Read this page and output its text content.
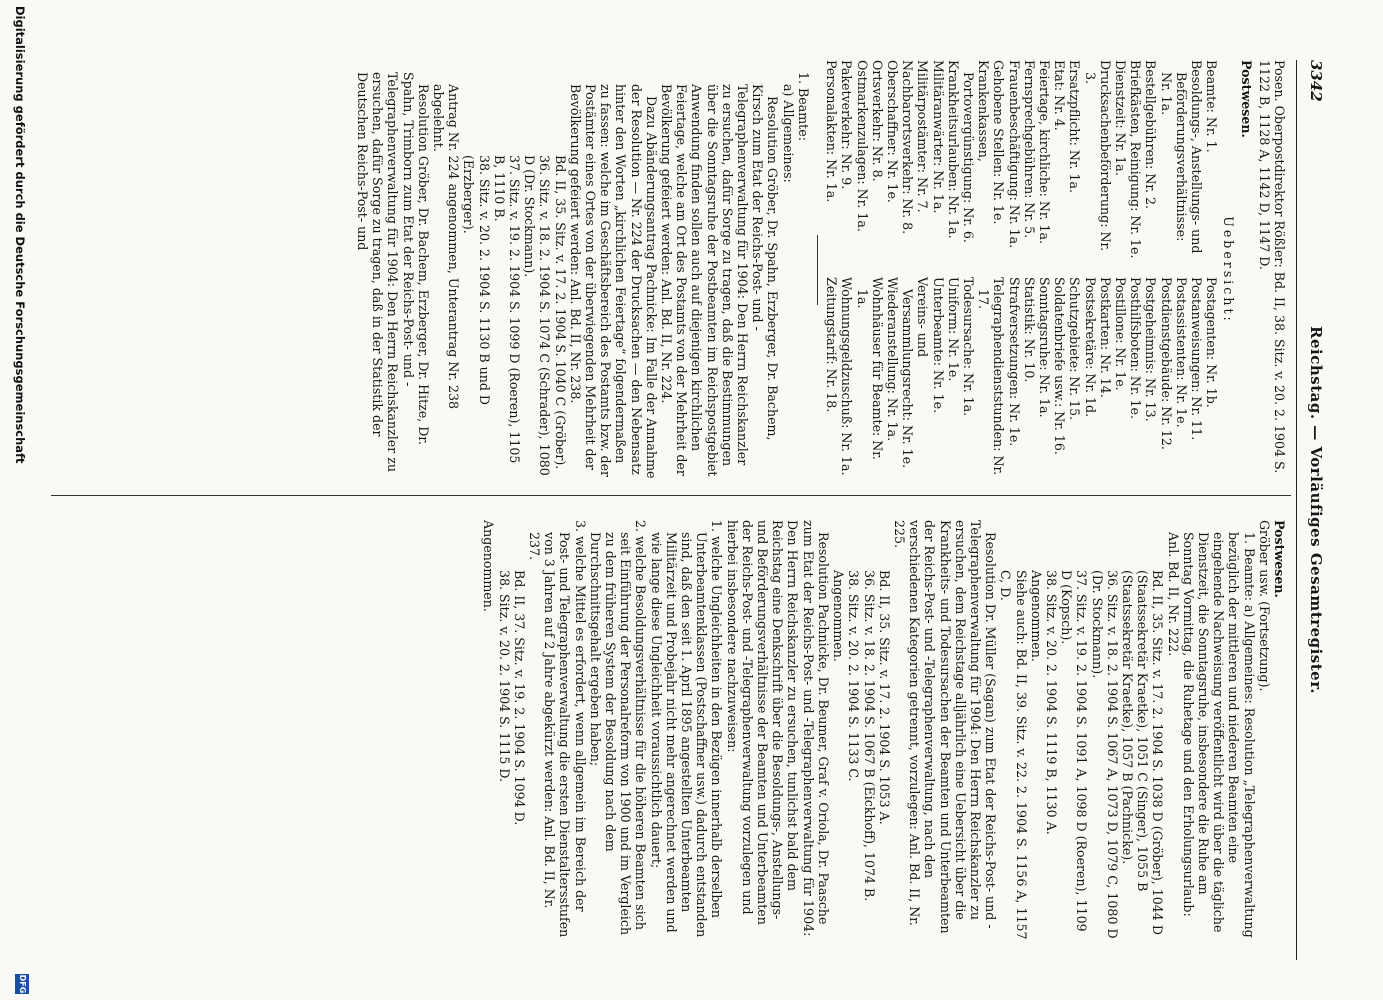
3342
Reichstag. — Vorläufiges Gesamtregister.

Posen. Oberpostdirektor Rößler: Bd. II, 38. Sitz. v. 20. 2. 1904 S. 1122 B, 1128 A, 1142 D, 1147 D.

Postwesen.

Uebersicht:

Beamte: Nr. 1.

Besoldungs-, Anstellungs- und Beförderungsverhältnisse: Nr. 1a.

Bestellgebühren: Nr. 2.

Briefkästen, Reinigung: Nr. 1e.

Dienstzeit: Nr. 1a.

Drucksachenbeförderung: Nr. 3.

Ersatzpflicht: Nr. 1a.

Etat: Nr. 4.

Feiertage, kirchliche: Nr. 1a.

Fernsprechgebühren: Nr. 5.

Frauenbeschäftigung: Nr. 1a.

Gehobene Stellen: Nr. 1e.

Krankenkassen, Portovergünstigung: Nr. 6.

Krankheitsurlauben: Nr. 1a.

Militäranwärter: Nr. 1a.

Militärpostämter: Nr. 7.

Nachbarortsverkehr: Nr. 8.

Oberschaffner: Nr. 1e.

Ortsverkehr: Nr. 8.

Ostmarkenzulagen: Nr. 1a.

Paketverkehr: Nr. 9.

Personalakten: Nr. 1a.

Postagenten: Nr. 1b.

Postanweisungen: Nr. 11.

Postassistenten: Nr. 1e.

Postdienstgebäude: Nr. 12.

Postgeheimnis: Nr. 13.

Posthilfsboten: Nr. 1e.

Postillone: Nr. 1e.

Postkarten: Nr. 14.

Postsekretäre: Nr. 1d.

Schutzgebiete: Nr. 15.

Soldatenbriefe usw.: Nr. 16.

Sonntagsruhe: Nr. 1a.

Statistik: Nr. 10.

Strafversetzungen: Nr. 1e.

Telegraphendienststunden: Nr. 17.

Todesursache: Nr. 1a.

Uniform: Nr. 1e.

Unterbeamte: Nr. 1e.

Vereins- und Versammlungsrecht: Nr. 1e.

Wiederanstellung: Nr. 1a.

Wohnhäuser für Beamte: Nr. 1a.

Wohnungsgeldzuschuß: Nr. 1a.

Zeitungstarif: Nr. 18.

1. Beamte:

a) Allgemeines:

Resolution Gröber, Dr. Spahn, Erzberger, Dr. Bachem, Kirsch zum Etat der Reichs-Post- und -Telegraphenverwaltung für 1904: Den Herrn Reichskanzler zu ersuchen, dafür Sorge zu tragen, daß die Bestimmungen über die Sonntagsruhe der Postbeamten im Reichspostgebiet Anwendung finden sollen auch auf diejenigen kirchlichen Feiertage, welche am Ort des Postamts von der Mehrheit der Bevölkerung gefeiert werden: Anl. Bd. II, Nr. 224.

Dazu Abänderungsantrag Pachnicke: Im Falle der Annahme der Resolution — Nr. 224 der Drucksachen — den Nebensatz hinter den Worten „kirchlichen Feiertage“ folgendermaßen zu fassen: welche im Geschäftsbereich des Postamts bzw. der Postämter eines Ortes von der überwiegenden Mehrheit der Bevölkerung gefeiert werden: Anl. Bd. II, Nr. 238.

Bd. II, 35. Sitz. v. 17. 2. 1904 S. 1040 C (Gröber).

36. Sitz. v. 18. 2. 1904 S. 1074 C (Schrader), 1080 D (Dr. Stockmann).

37. Sitz. v. 19. 2. 1904 S. 1099 D (Roeren), 1105 B, 1110 B.

38. Sitz. v. 20. 2. 1904 S. 1130 B und D (Erzberger).

Antrag Nr. 224 angenommen, Unterantrag Nr. 238 abgelehnt.

Resolution Gröber, Dr. Bachem, Erzberger, Dr. Hitze, Dr. Spahn, Trimborn zum Etat der Reichs-Post- und -Telegraphenverwaltung für 1904: Den Herrn Reichskanzler zu ersuchen, dafür Sorge zu tragen, daß in der Statistik der Deutschen Reichs-Post- und

Postwesen.

Gröber usw. (Fortsetzung).

1. Beamte: a) Allgemeines: Resolution „Telegraphenverwaltung bezüglich der mittleren und niederen Beamten eine eingehende Nachweisung veröffentlicht wird über die tägliche Dienstzeit, die Sonntagsruhe, insbesondere die Ruhe am Sonntag Vormittag, die Ruhetage und den Erholungsurlaub: Anl. Bd. II, Nr. 222.

Bd. II, 35. Sitz. v. 17. 2. 1904 S. 1038 D (Gröber), 1044 D (Staatssekretär Kraetke), 1051 C (Singer), 1055 B (Staatssekretär Kraetke), 1057 B (Pachnicke).

36. Sitz. v. 18. 2. 1904 S. 1067 A, 1073 D, 1079 C, 1080 D (Dr. Stockmann).

37. Sitz. v. 19. 2. 1904 S. 1091 A, 1098 D (Roeren), 1109 D (Kopsch).

38. Sitz. v. 20. 2. 1904 S. 1119 B, 1130 A.

Angenommen.

Siehe auch: Bd. II, 39. Sitz. v. 22. 2. 1904 S. 1156 A, 1157 C, D.

Resolution Dr. Müller (Sagan) zum Etat der Reichs-Post- und -Telegraphenverwaltung für 1904: Den Herrn Reichskanzler zu ersuchen, dem Reichstage alljährlich eine Uebersicht über die Krankheits- und Todesursachen der Beamten und Unterbeamten der Reichs-Post- und -Telegraphenverwaltung, nach den verschiedenen Kategorien getrennt, vorzulegen: Anl. Bd. II, Nr. 225.

Bd. II, 35. Sitz. v. 17. 2. 1904 S. 1053 A.

36. Sitz. v. 18. 2. 1904 S. 1067 B (Eickhoff), 1074 B.

38. Sitz. v. 20. 2. 1904 S. 1133 C.

Angenommen.

Resolution Pachnicke, Dr. Beumer, Graf v. Oriola, Dr. Paasche zum Etat der Reichs-Post- und -Telegraphenverwaltung für 1904: Den Herrn Reichskanzler zu ersuchen, tunlichst bald dem Reichstag eine Denkschrift über die Besoldungs-, Anstellungs- und Beförderungsverhältnisse der Beamten und Unterbeamten der Reichs-Post- und -Telegraphenverwaltung vorzulegen und hierbei insbesondere nachzuweisen:

1. welche Ungleichheiten in den Bezügen innerhalb derselben Unterbeamtenklassen (Postschaffner usw.) dadurch entstanden sind, daß den seit 1. April 1895 angestellten Unterbeamten Militärzeit und Probejahr nicht mehr angerechnet werden und wie lange diese Ungleichheit voraussichtlich dauert;

2. welche Besoldungsverhältnisse für die höheren Beamten sich seit Einführung der Personalreform von 1900 und im Vergleich zu dem früheren System der Besoldung nach dem Durchschnittsgehalt ergeben haben;

3. welche Mittel es erfordert, wenn allgemein im Bereich der Post- und Telegraphenverwaltung die ersten Dienstaltersstufen von 3 Jahren auf 2 Jahre abgekürzt werden: Anl. Bd. II, Nr. 237.

Bd. II, 37. Sitz. v. 19. 2. 1904 S. 1094 D.

38. Sitz. v. 20. 2. 1904 S. 1115 D.

Angenommen.

Digitalisierung gefördert durch die Deutsche Forschungsgemeinschaft
DFG
